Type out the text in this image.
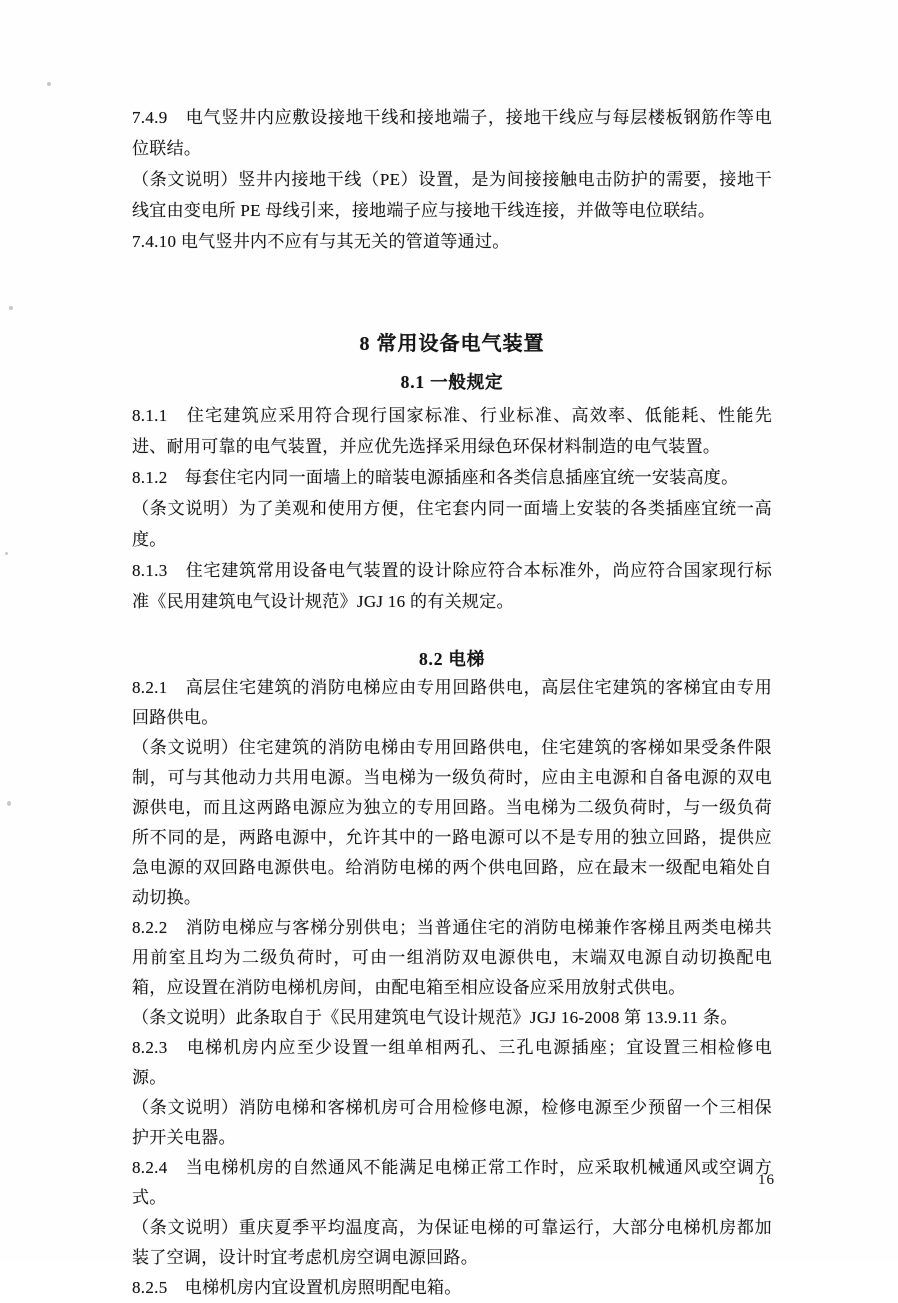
7.4.9　电气竖井内应敷设接地干线和接地端子，接地干线应与每层楼板钢筋作等电位联结。

（条文说明）竖井内接地干线（PE）设置，是为间接接触电击防护的需要，接地干线宜由变电所 PE 母线引来，接地端子应与接地干线连接，并做等电位联结。

7.4.10 电气竖井内不应有与其无关的管道等通过。

8 常用设备电气装置
8.1 一般规定

8.1.1　住宅建筑应采用符合现行国家标准、行业标准、高效率、低能耗、性能先进、耐用可靠的电气装置，并应优先选择采用绿色环保材料制造的电气装置。

8.1.2　每套住宅内同一面墙上的暗装电源插座和各类信息插座宜统一安装高度。

（条文说明）为了美观和使用方便，住宅套内同一面墙上安装的各类插座宜统一高度。

8.1.3　住宅建筑常用设备电气装置的设计除应符合本标准外，尚应符合国家现行标准《民用建筑电气设计规范》JGJ 16 的有关规定。

8.2 电梯

8.2.1　高层住宅建筑的消防电梯应由专用回路供电，高层住宅建筑的客梯宜由专用回路供电。

（条文说明）住宅建筑的消防电梯由专用回路供电，住宅建筑的客梯如果受条件限制，可与其他动力共用电源。当电梯为一级负荷时，应由主电源和自备电源的双电源供电，而且这两路电源应为独立的专用回路。当电梯为二级负荷时，与一级负荷所不同的是，两路电源中，允许其中的一路电源可以不是专用的独立回路，提供应急电源的双回路电源供电。给消防电梯的两个供电回路，应在最末一级配电箱处自动切换。

8.2.2　消防电梯应与客梯分别供电；当普通住宅的消防电梯兼作客梯且两类电梯共用前室且均为二级负荷时，可由一组消防双电源供电，末端双电源自动切换配电箱，应设置在消防电梯机房间，由配电箱至相应设备应采用放射式供电。

（条文说明）此条取自于《民用建筑电气设计规范》JGJ 16-2008 第 13.9.11 条。

8.2.3　电梯机房内应至少设置一组单相两孔、三孔电源插座；宜设置三相检修电源。

（条文说明）消防电梯和客梯机房可合用检修电源，检修电源至少预留一个三相保护开关电器。

8.2.4　当电梯机房的自然通风不能满足电梯正常工作时，应采取机械通风或空调方式。

（条文说明）重庆夏季平均温度高，为保证电梯的可靠运行，大部分电梯机房都加装了空调，设计时宜考虑机房空调电源回路。

8.2.5　电梯机房内宜设置机房照明配电箱。

16
